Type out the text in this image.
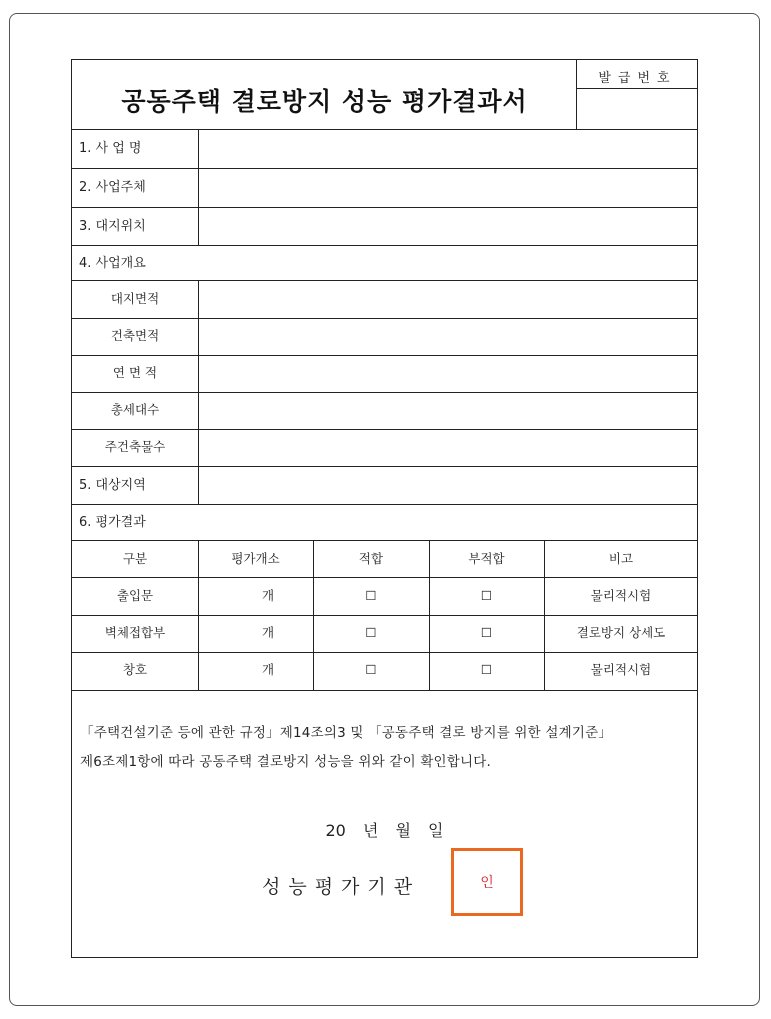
공동주택 결로방지 성능 평가결과서
발급번호
1. 사 업 명
2. 사업주체
3. 대지위치
4. 사업개요
대지면적
건축면적
연 면 적
총세대수
주건축물수
5. 대상지역
6. 평가결과
구분	평가개소	적합	부적합	비고
출입문	개	☐	☐	물리적시험
벽체접합부	개	☐	☐	결로방지 상세도
창호	개	☐	☐	물리적시험
「주택건설기준 등에 관한 규정」제14조의3 및 「공동주택 결로 방지를 위한 설계기준」
제6조제1항에 따라 공동주택 결로방지 성능을 위와 같이 확인합니다.
20 년 월 일
성능평가기관	인
